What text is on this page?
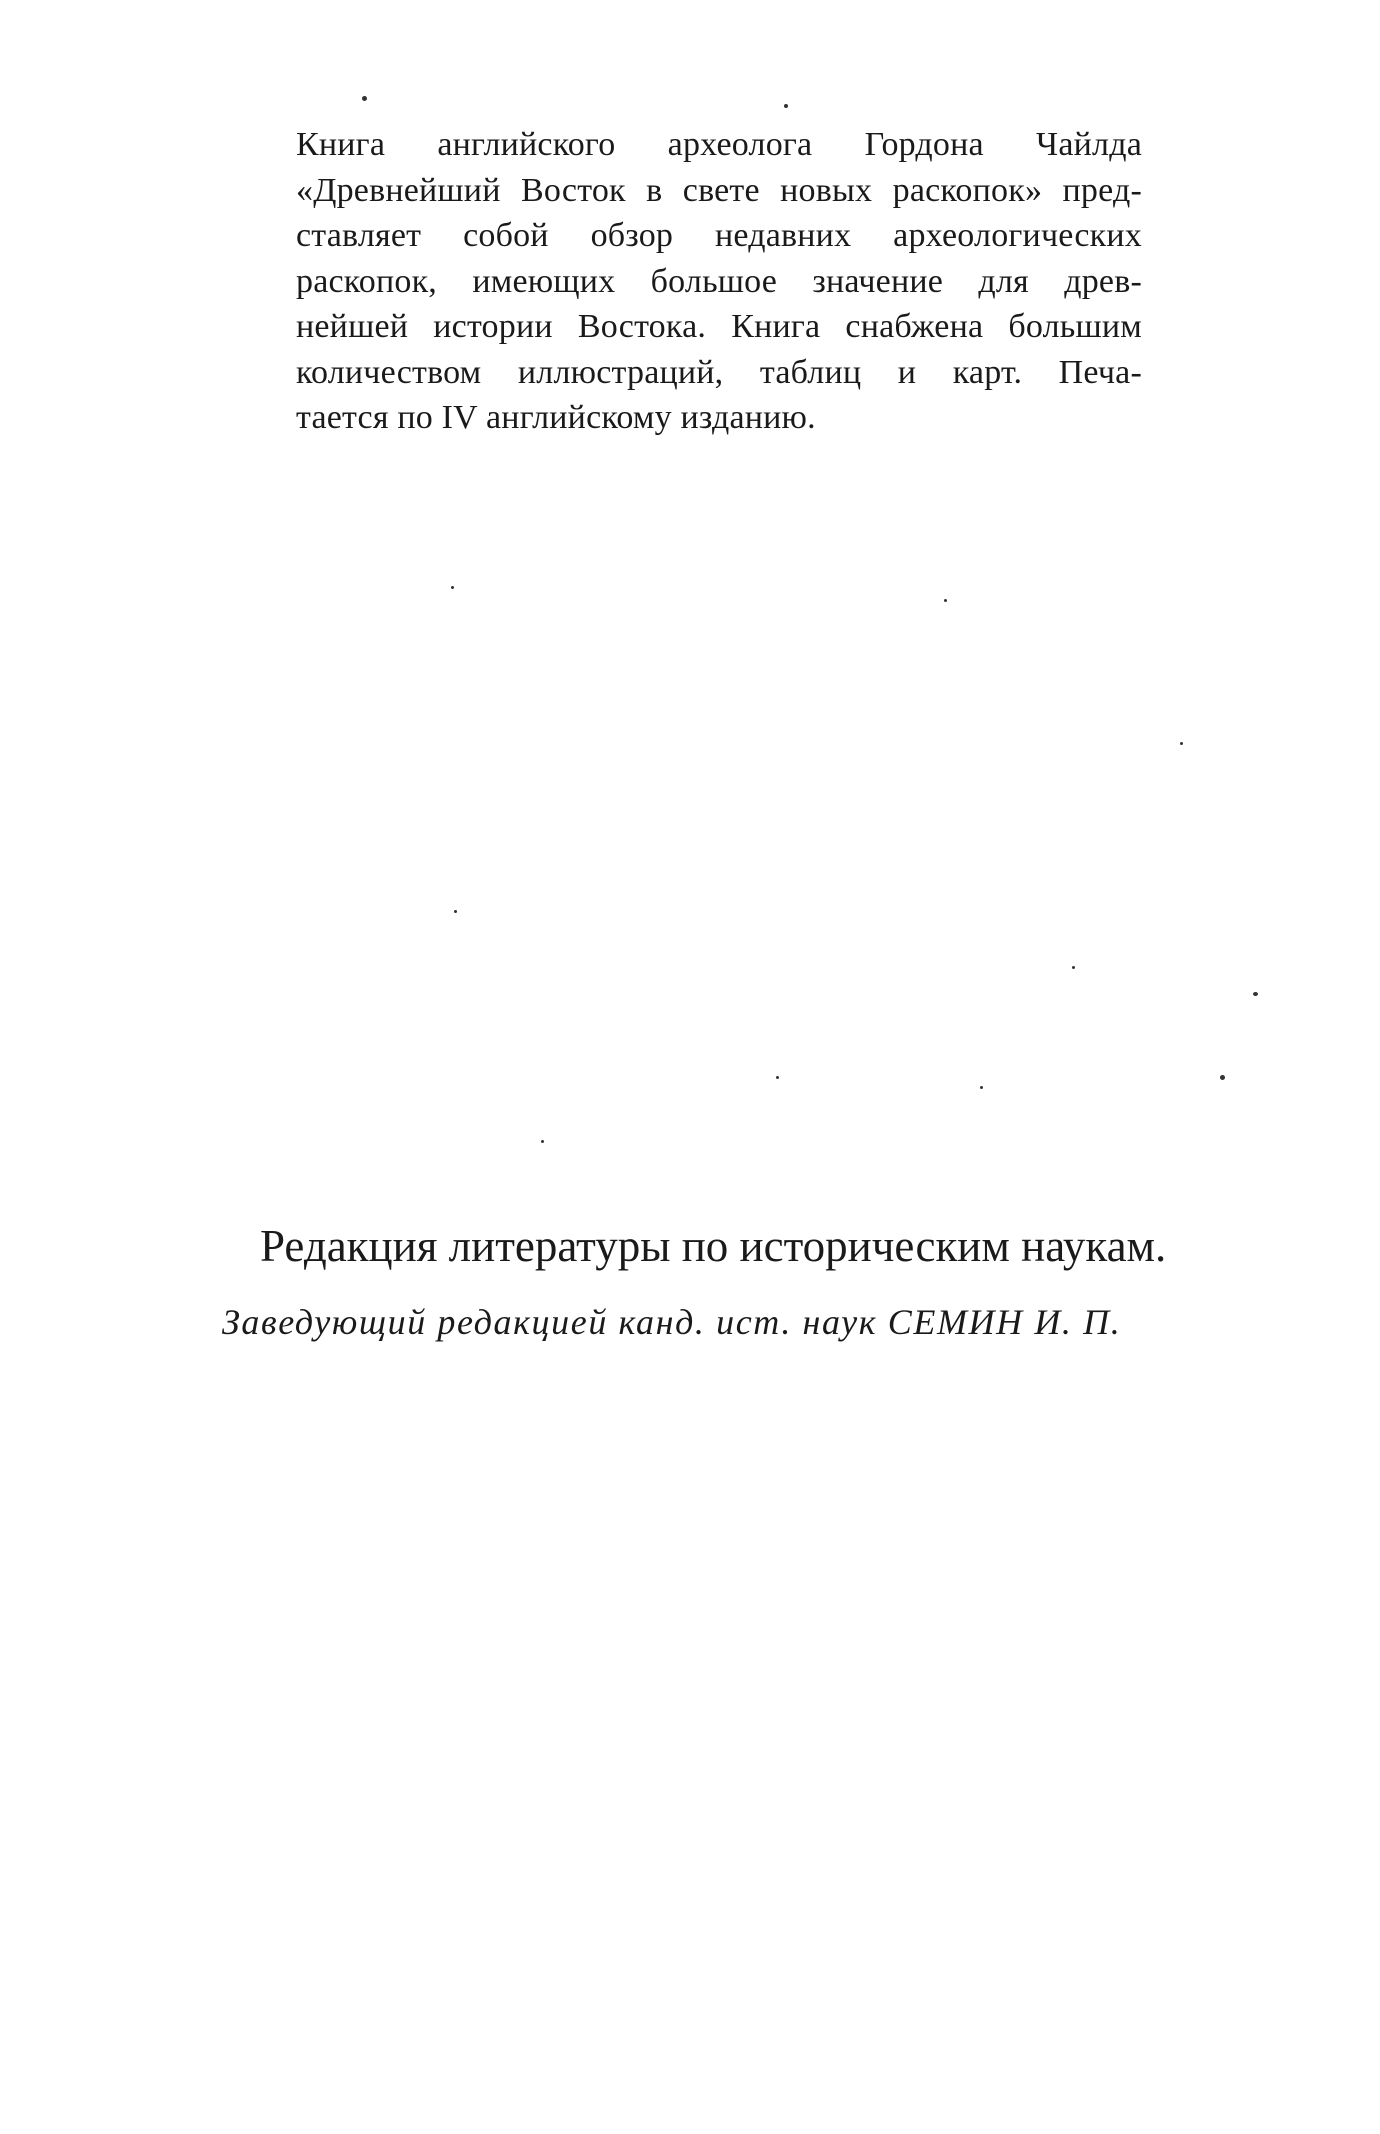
Книга английского археолога Гордона Чайлда
«Древнейший Восток в свете новых раскопок» пред-
ставляет собой обзор недавних археологических
раскопок, имеющих большое значение для древ-
нейшей истории Востока. Книга снабжена большим
количеством иллюстраций, таблиц и карт. Печа-
тается по IV английскому изданию.
Редакция литературы по историческим наукам.
Заведующий редакцией канд. ист. наук СЕМИН И. П.
